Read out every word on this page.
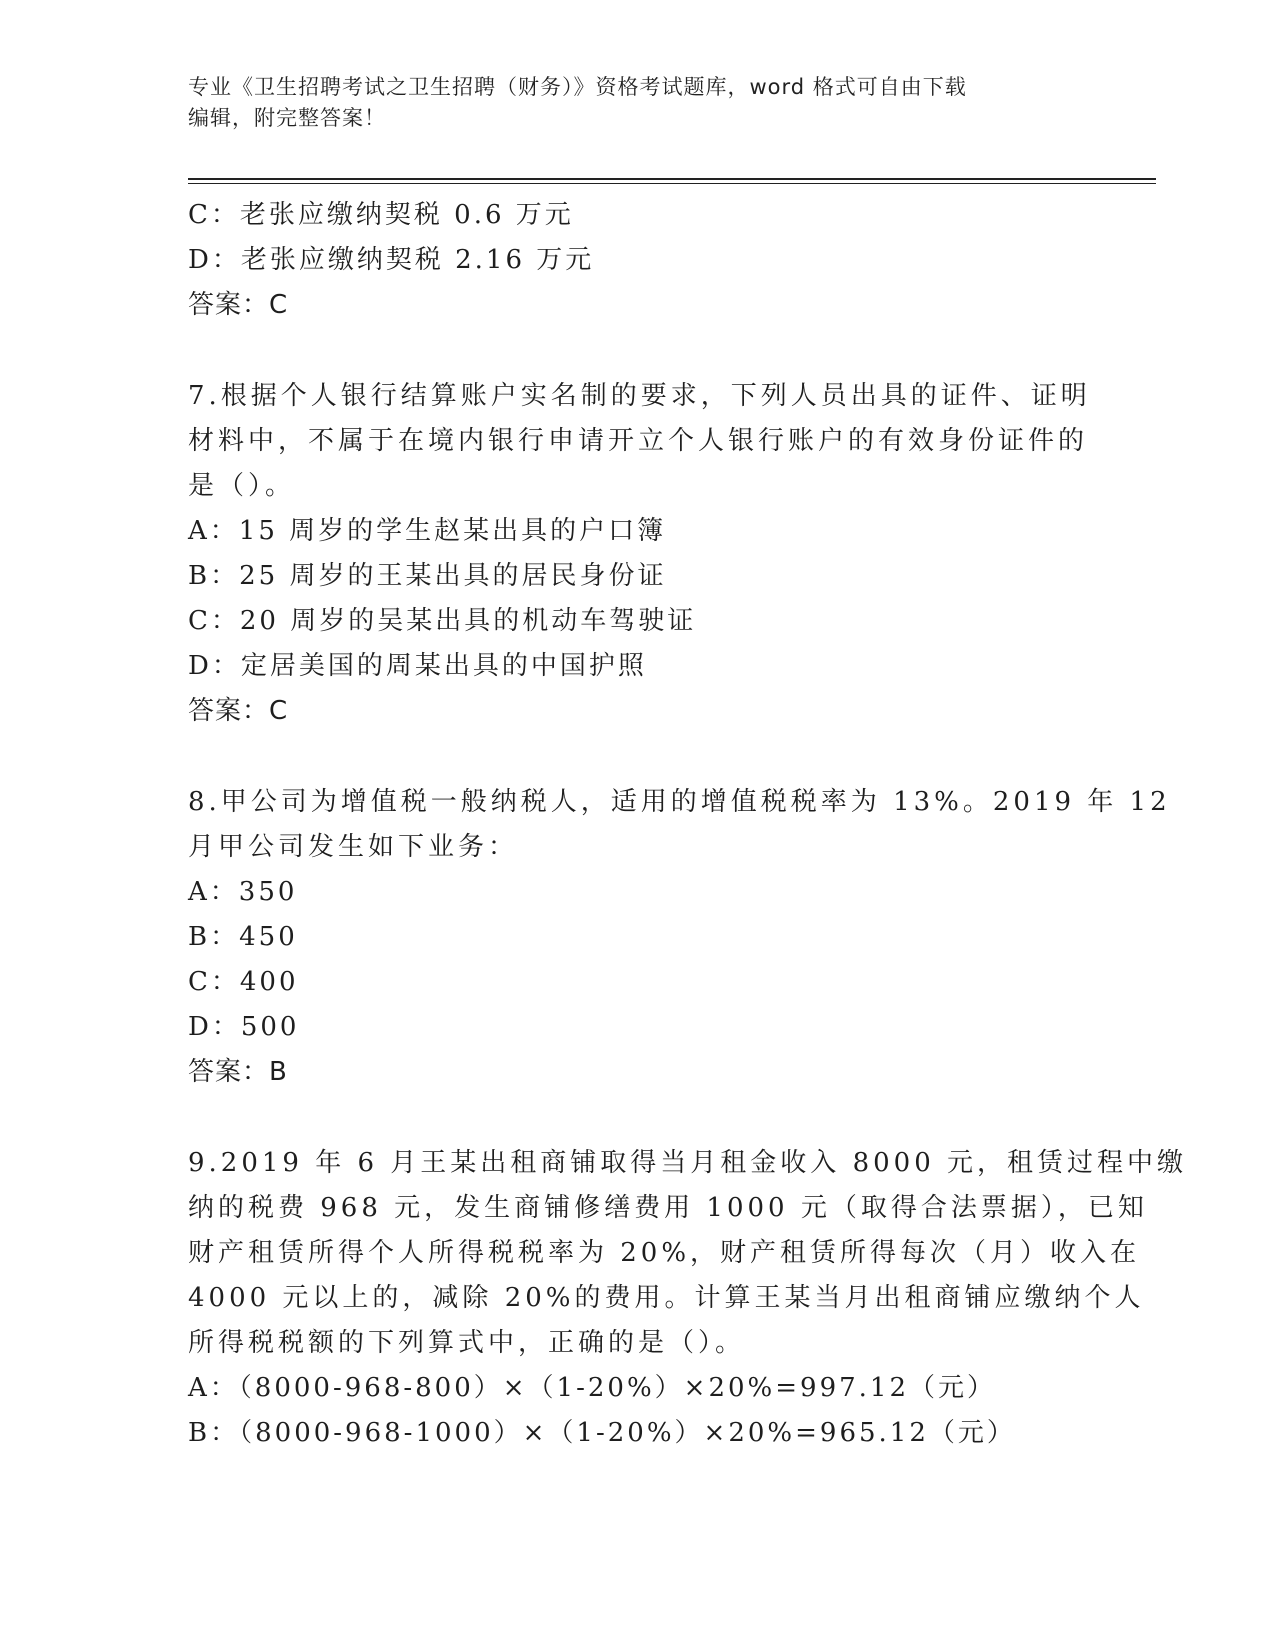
专业《卫生招聘考试之卫生招聘（财务）》资格考试题库，word 格式可自由下载
编辑，附完整答案！
C：老张应缴纳契税 0.6 万元
D：老张应缴纳契税 2.16 万元
答案：C
7.根据个人银行结算账户实名制的要求，下列人员出具的证件、证明
材料中，不属于在境内银行申请开立个人银行账户的有效身份证件的
是（）。
A：15 周岁的学生赵某出具的户口簿
B：25 周岁的王某出具的居民身份证
C：20 周岁的吴某出具的机动车驾驶证
D：定居美国的周某出具的中国护照
答案：C
8.甲公司为增值税一般纳税人，适用的增值税税率为 13%。2019 年 12
月甲公司发生如下业务：
A：350
B：450
C：400
D：500
答案：B
9.2019 年 6 月王某出租商铺取得当月租金收入 8000 元，租赁过程中缴
纳的税费 968 元，发生商铺修缮费用 1000 元（取得合法票据），已知
财产租赁所得个人所得税税率为 20%，财产租赁所得每次（月）收入在
4000 元以上的，减除 20%的费用。计算王某当月出租商铺应缴纳个人
所得税税额的下列算式中，正确的是（）。
A：（8000-968-800）×（1-20%）×20%=997.12（元）
B：（8000-968-1000）×（1-20%）×20%=965.12（元）
